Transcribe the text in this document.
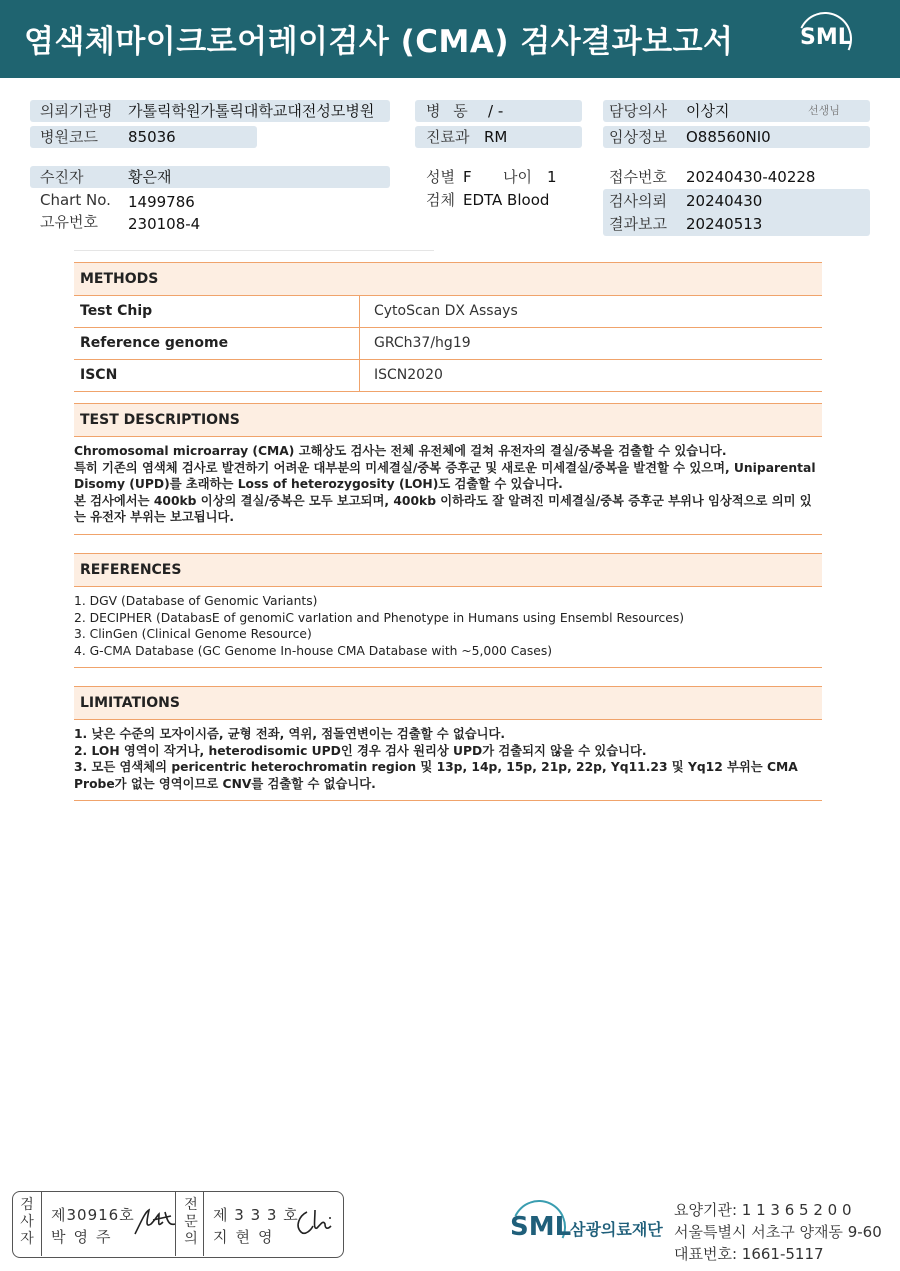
염색체마이크로어레이검사 (CMA) 검사결과보고서	SML
의뢰기관명 가톨릭학원가톨릭대학교대전성모병원	병 동 / -	담당의사 이상지	선생님
병원코드 85036	진료과 RM	임상정보 O88560NI0
수진자	황은재	성별 F 나이 1	접수번호 20240430-40228
Chart No. 1499786	검체 EDTA Blood	검사의뢰 20240430
고유번호 230108-4	결과보고 20240513
METHODS
Test Chip	CytoScan DX Assays
Reference genome	GRCh37/hg19
ISCN	ISCN2020
TEST DESCRIPTIONS

Chromosomal microarray (CMA) 고해상도 검사는 전체 유전체에 걸쳐 유전자의 결실/중복을 검출할 수 있습니다.

특히 기존의 염색체 검사로 발견하기 어려운 대부분의 미세결실/중복 증후군 및 새로운 미세결실/중복을 발견할 수 있으며, Uniparental Disomy (UPD)를 초래하는 Loss of heterozygosity (LOH)도 검출할 수 있습니다.

본 검사에서는 400kb 이상의 결실/중복은 모두 보고되며, 400kb 이하라도 잘 알려진 미세결실/중복 증후군 부위나 임상적으로 의미 있는 유전자 부위는 보고됩니다.

REFERENCES

1. DGV (Database of Genomic Variants)

2. DECIPHER (DatabasE of genomiC varIation and Phenotype in Humans using Ensembl Resources)

3. ClinGen (Clinical Genome Resource)

4. G-CMA Database (GC Genome In-house CMA Database with ~5,000 Cases)

LIMITATIONS

1. 낮은 수준의 모자이시즘, 균형 전좌, 역위, 점돌연변이는 검출할 수 없습니다.

2. LOH 영역이 작거나, heterodisomic UPD인 경우 검사 원리상 UPD가 검출되지 않을 수 있습니다.

3. 모든 염색체의 pericentric heterochromatin region 및 13p, 14p, 15p, 21p, 22p, Yq11.23 및 Yq12 부위는 CMA Probe가 없는 영역이므로 CNV를 검출할 수 없습니다.

검
사
자
제30916호
박영주
전
문
의
제 3 3 3 호
지현영	SML
삼광의료재단
요양기관: 1 1 3 6 5 2 0 0
서울특별시 서초구 양재동 9-60
대표번호: 1661-5117
